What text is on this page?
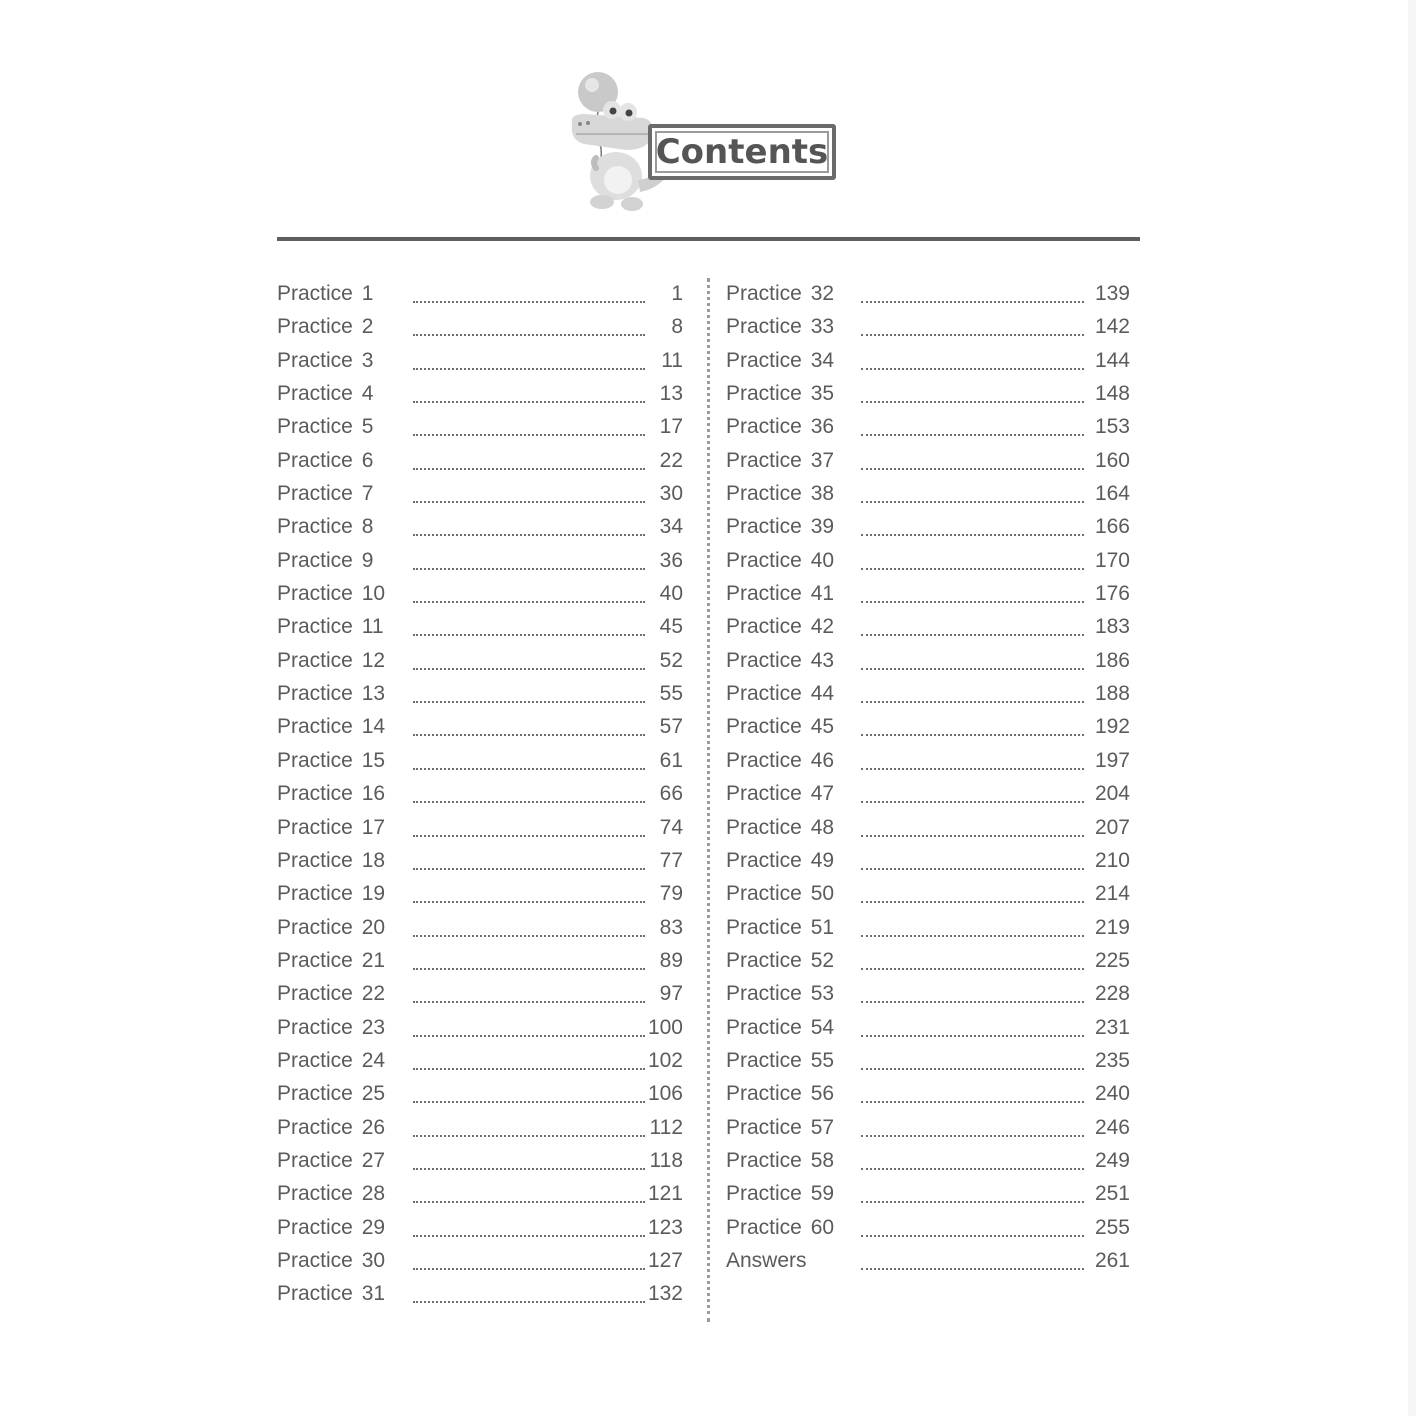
Contents
Practice 1	1
Practice 2	8
Practice 3	11
Practice 4	13
Practice 5	17
Practice 6	22
Practice 7	30
Practice 8	34
Practice 9	36
Practice 10	40
Practice 11	45
Practice 12	52
Practice 13	55
Practice 14	57
Practice 15	61
Practice 16	66
Practice 17	74
Practice 18	77
Practice 19	79
Practice 20	83
Practice 21	89
Practice 22	97
Practice 23	100
Practice 24	102
Practice 25	106
Practice 26	112
Practice 27	118
Practice 28	121
Practice 29	123
Practice 30	127
Practice 31	132
Practice 32	139
Practice 33	142
Practice 34	144
Practice 35	148
Practice 36	153
Practice 37	160
Practice 38	164
Practice 39	166
Practice 40	170
Practice 41	176
Practice 42	183
Practice 43	186
Practice 44	188
Practice 45	192
Practice 46	197
Practice 47	204
Practice 48	207
Practice 49	210
Practice 50	214
Practice 51	219
Practice 52	225
Practice 53	228
Practice 54	231
Practice 55	235
Practice 56	240
Practice 57	246
Practice 58	249
Practice 59	251
Practice 60	255
Answers	261
